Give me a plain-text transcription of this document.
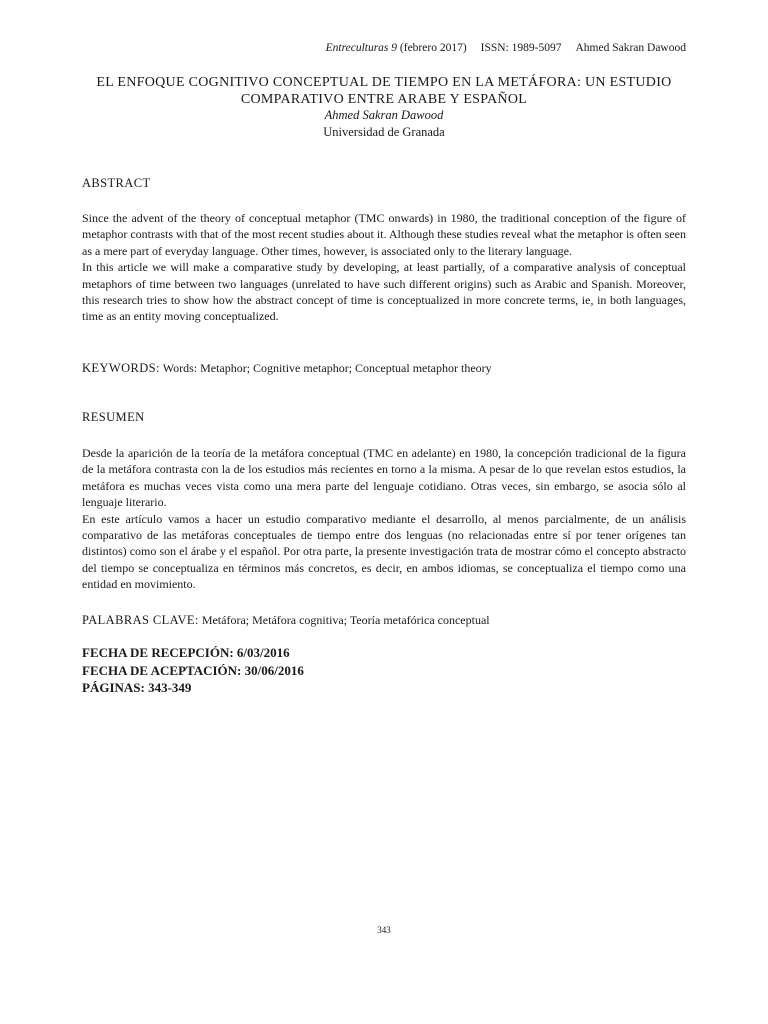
Entreculturas 9 (febrero 2017) ISSN: 1989-5097 Ahmed Sakran Dawood
EL ENFOQUE COGNITIVO CONCEPTUAL DE TIEMPO EN LA METÁFORA: UN ESTUDIO COMPARATIVO ENTRE ARABE Y ESPAÑOL
Ahmed Sakran Dawood
Universidad de Granada
ABSTRACT

Since the advent of the theory of conceptual metaphor (TMC onwards) in 1980, the traditional conception of the figure of metaphor contrasts with that of the most recent studies about it. Although these studies reveal what the metaphor is often seen as a mere part of everyday language. Other times, however, is associated only to the literary language.

In this article we will make a comparative study by developing, at least partially, of a comparative analysis of conceptual metaphors of time between two languages (unrelated to have such different origins) such as Arabic and Spanish. Moreover, this research tries to show how the abstract concept of time is conceptualized in more concrete terms, ie, in both languages, time as an entity moving conceptualized.

KEYWORDS: Words: Metaphor; Cognitive metaphor; Conceptual metaphor theory
RESUMEN

Desde la aparición de la teoría de la metáfora conceptual (TMC en adelante) en 1980, la concepción tradicional de la figura de la metáfora contrasta con la de los estudios más recientes en torno a la misma. A pesar de lo que revelan estos estudios, la metáfora es muchas veces vista como una mera parte del lenguaje cotidiano. Otras veces, sin embargo, se asocia sólo al lenguaje literario.

En este artículo vamos a hacer un estudio comparativo mediante el desarrollo, al menos parcialmente, de un análisis comparativo de las metáforas conceptuales de tiempo entre dos lenguas (no relacionadas entre sí por tener orígenes tan distintos) como son el árabe y el español. Por otra parte, la presente investigación trata de mostrar cómo el concepto abstracto del tiempo se conceptualiza en términos más concretos, es decir, en ambos idiomas, se conceptualiza el tiempo como una entidad en movimiento.

PALABRAS CLAVE: Metáfora; Metáfora cognitiva; Teoría metafórica conceptual
FECHA DE RECEPCIÓN: 6/03/2016
FECHA DE ACEPTACIÓN: 30/06/2016
PÁGINAS: 343-349
343
